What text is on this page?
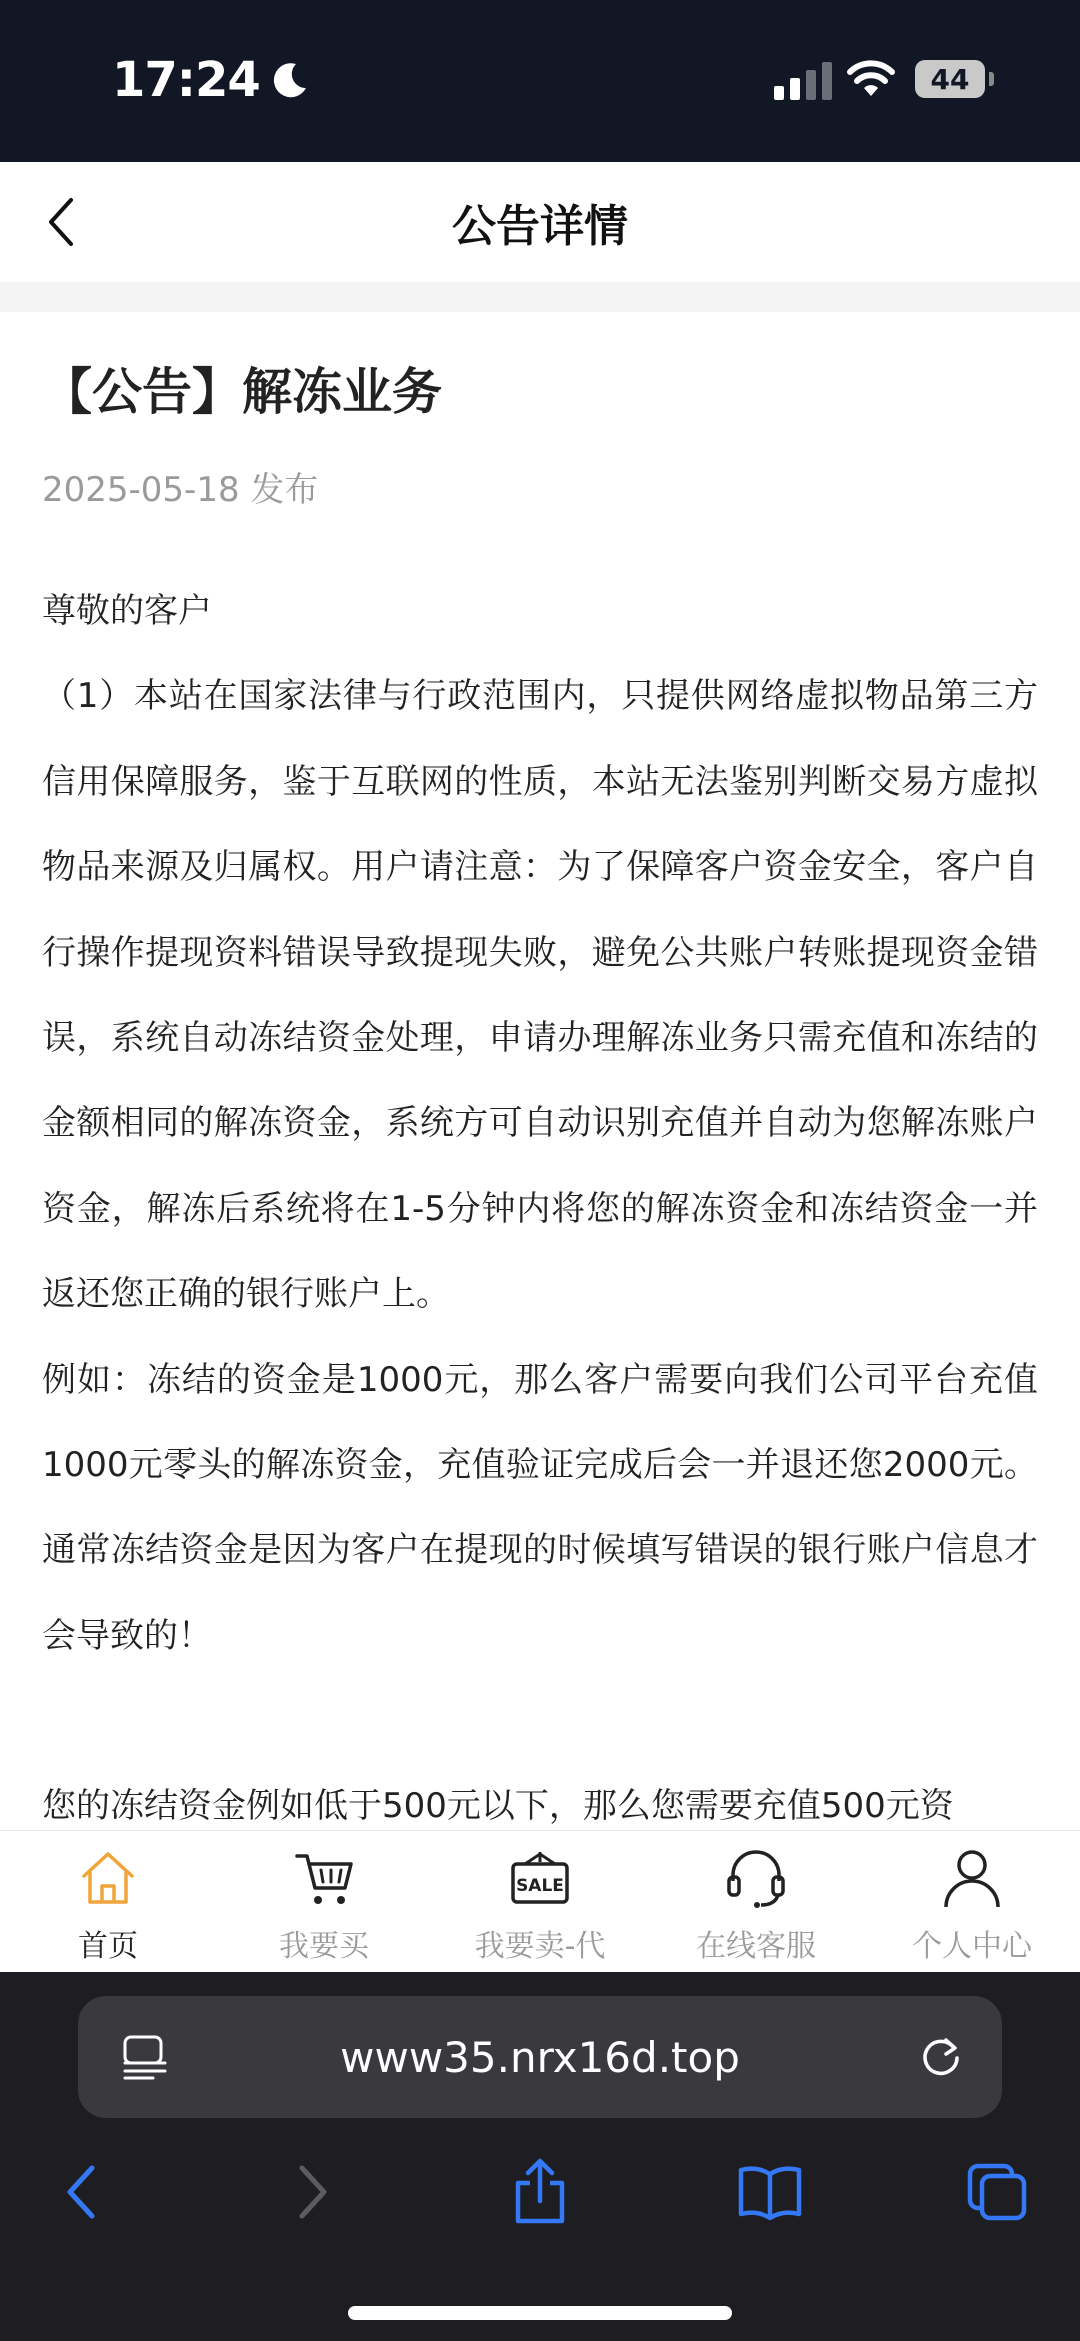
17:24	44
公告详情
【公告】解冻业务
2025-05-18 发布

尊敬的客户

（1）本站在国家法律与行政范围内，只提供网络虚拟物品第三方信用保障服务，鉴于互联网的性质，本站无法鉴别判断交易方虚拟物品来源及归属权。用户请注意：为了保障客户资金安全，客户自行操作提现资料错误导致提现失败，避免公共账户转账提现资金错误，系统自动冻结资金处理，申请办理解冻业务只需充值和冻结的金额相同的解冻资金，系统方可自动识别充值并自动为您解冻账户资金，解冻后系统将在1-5分钟内将您的解冻资金和冻结资金一并返还您正确的银行账户上。

例如：冻结的资金是1000元，那么客户需要向我们公司平台充值1000元零头的解冻资金，充值验证完成后会一并退还您2000元。通常冻结资金是因为客户在提现的时候填写错误的银行账户信息才会导致的！

您的冻结资金例如低于500元以下，那么您需要充值500元资

首页	我要买
SALE
我要卖-代	在线客服	个人中心
www35.nrx16d.top
